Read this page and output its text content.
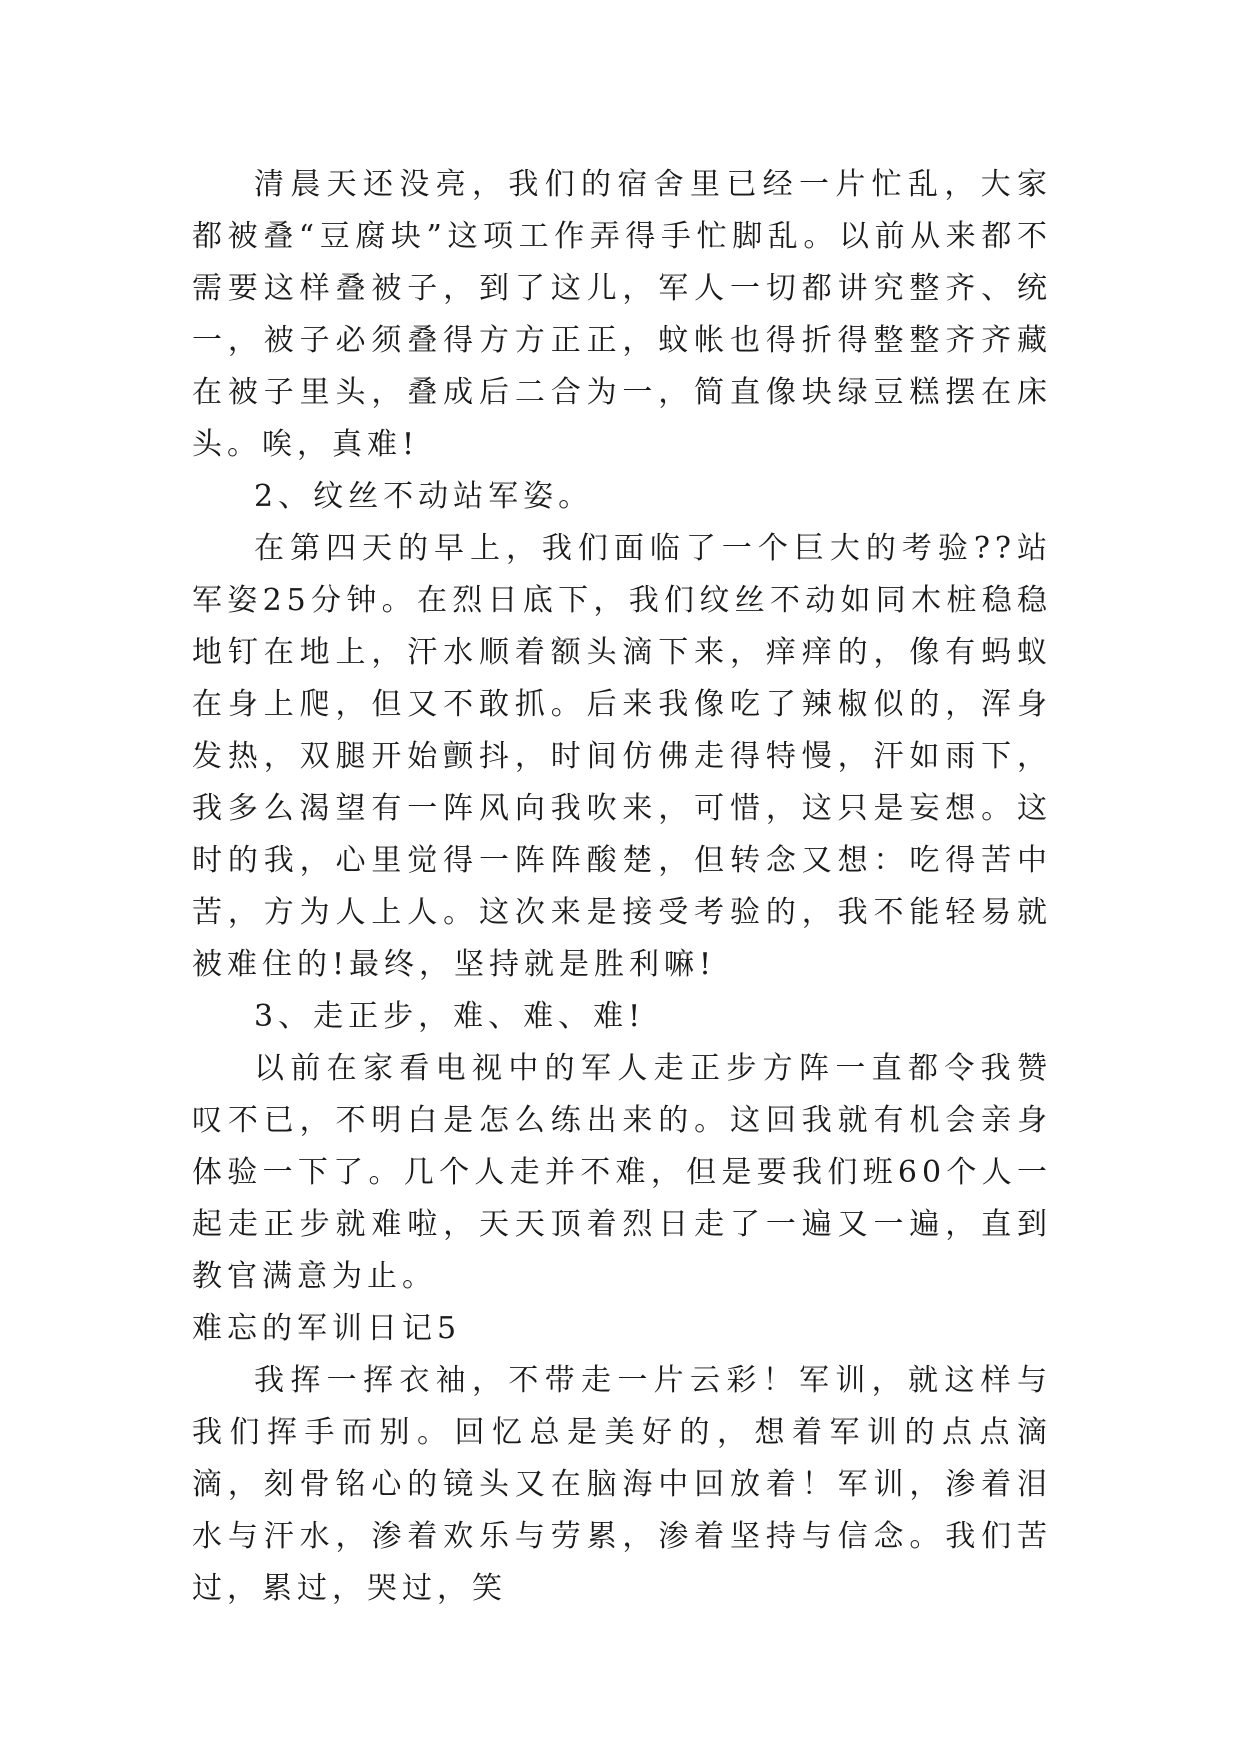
清晨天还没亮，我们的宿舍里已经一片忙乱，大家都被叠“豆腐块”这项工作弄得手忙脚乱。以前从来都不需要这样叠被子，到了这儿，军人一切都讲究整齐、统一，被子必须叠得方方正正，蚊帐也得折得整整齐齐藏在被子里头，叠成后二合为一，简直像块绿豆糕摆在床头。唉，真难!

2、纹丝不动站军姿。

在第四天的早上，我们面临了一个巨大的考验??站军姿25分钟。在烈日底下，我们纹丝不动如同木桩稳稳地钉在地上，汗水顺着额头滴下来，痒痒的，像有蚂蚁在身上爬，但又不敢抓。后来我像吃了辣椒似的，浑身发热，双腿开始颤抖，时间仿佛走得特慢，汗如雨下，我多么渴望有一阵风向我吹来，可惜，这只是妄想。这时的我，心里觉得一阵阵酸楚，但转念又想：吃得苦中苦，方为人上人。这次来是接受考验的，我不能轻易就被难住的!最终，坚持就是胜利嘛!

3、走正步，难、难、难!

以前在家看电视中的军人走正步方阵一直都令我赞叹不已，不明白是怎么练出来的。这回我就有机会亲身体验一下了。几个人走并不难，但是要我们班60个人一起走正步就难啦，天天顶着烈日走了一遍又一遍，直到教官满意为止。

难忘的军训日记5

我挥一挥衣袖，不带走一片云彩！军训，就这样与我们挥手而别。回忆总是美好的，想着军训的点点滴滴，刻骨铭心的镜头又在脑海中回放着！军训，渗着泪水与汗水，渗着欢乐与劳累，渗着坚持与信念。我们苦过，累过，哭过，笑
